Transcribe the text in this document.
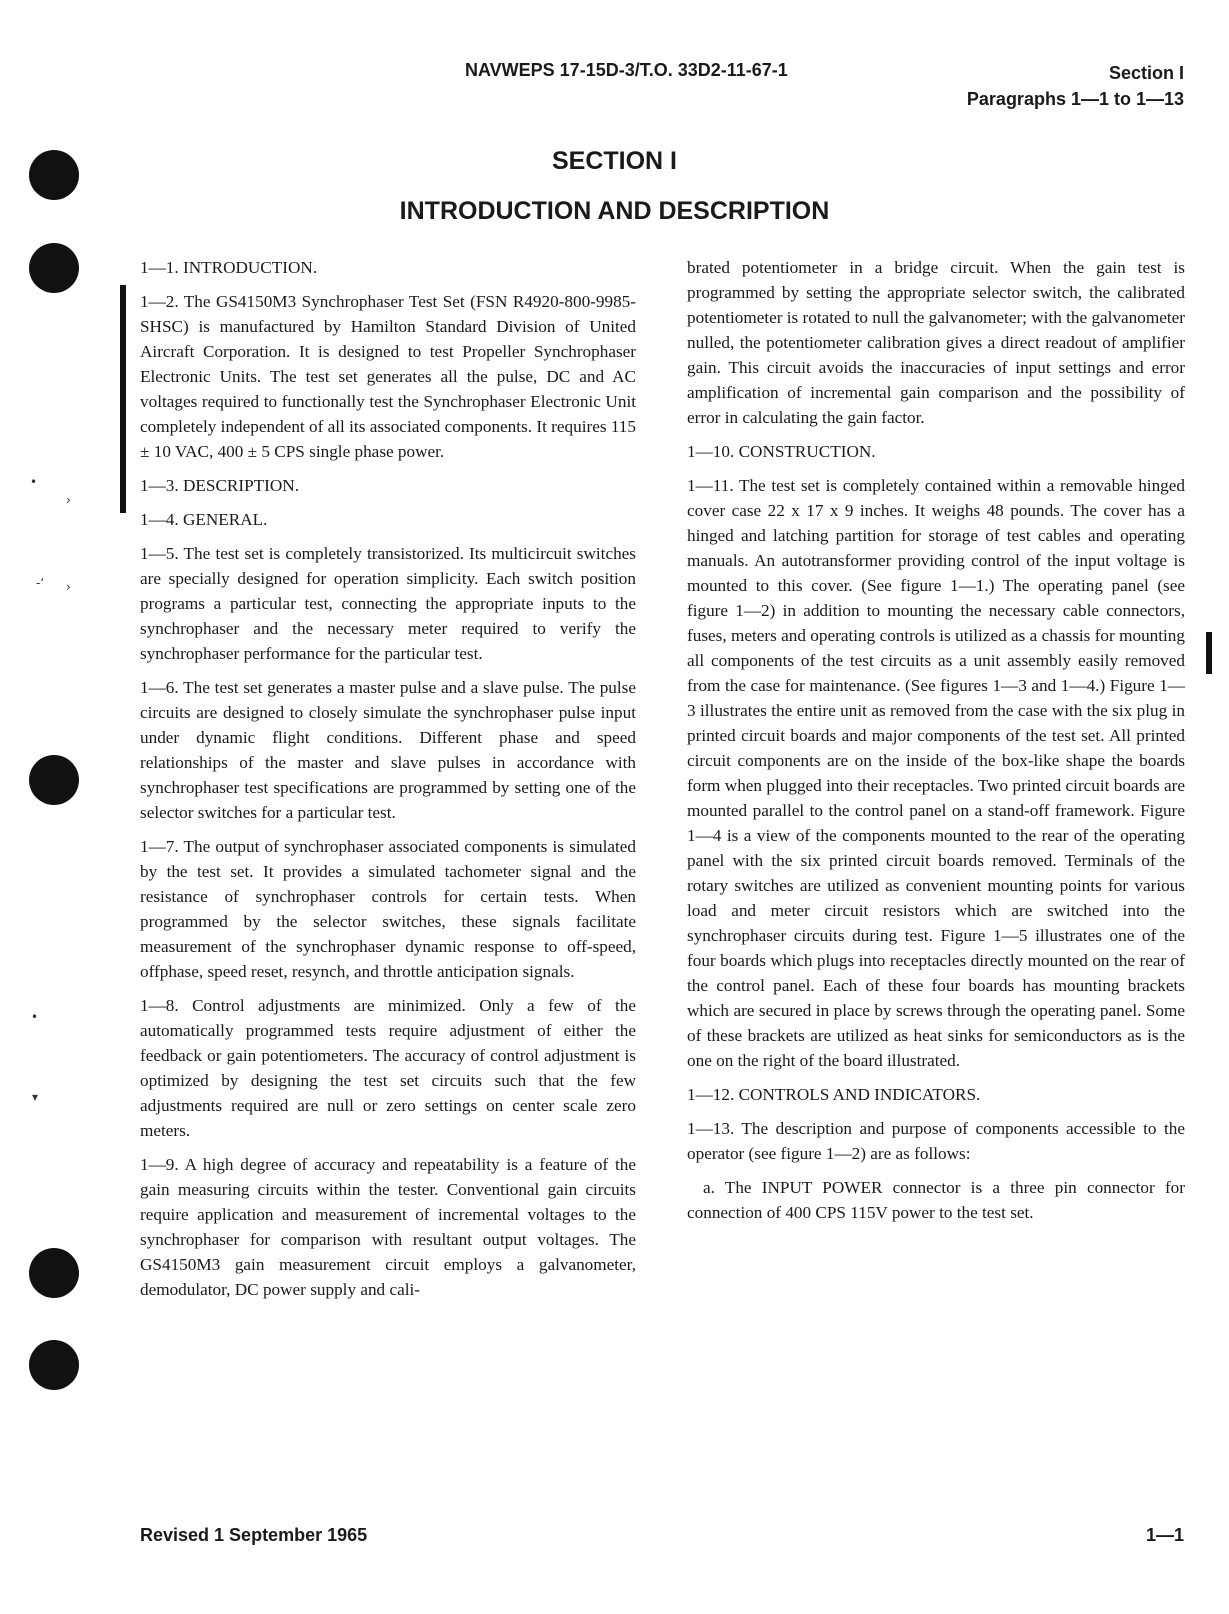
•
›
-‘ ›
•
▾
NAVWEPS 17-15D-3/T.O. 33D2-11-67-1	Section I
Paragraphs 1—1 to 1—13
SECTION I
INTRODUCTION AND DESCRIPTION

1—1. INTRODUCTION.

1—2. The GS4150M3 Synchrophaser Test Set (FSN R4920-800-9985-SHSC) is manufactured by Hamilton Standard Division of United Aircraft Corporation. It is designed to test Propeller Synchrophaser Electronic Units. The test set generates all the pulse, DC and AC voltages required to functionally test the Synchrophaser Electronic Unit completely independent of all its associated components. It requires 115 ± 10 VAC, 400 ± 5 CPS single phase power.

1—3. DESCRIPTION.

1—4. GENERAL.

1—5. The test set is completely transistorized. Its multicircuit switches are specially designed for operation simplicity. Each switch position programs a particular test, connecting the appropriate inputs to the synchrophaser and the necessary meter required to verify the synchrophaser performance for the particular test.

1—6. The test set generates a master pulse and a slave pulse. The pulse circuits are designed to closely simulate the synchrophaser pulse input under dynamic flight conditions. Different phase and speed relationships of the master and slave pulses in accordance with synchrophaser test specifications are programmed by setting one of the selector switches for a particular test.

1—7. The output of synchrophaser associated components is simulated by the test set. It provides a simulated tachometer signal and the resistance of synchrophaser controls for certain tests. When programmed by the selector switches, these signals facilitate measurement of the synchrophaser dynamic response to off-speed, offphase, speed reset, resynch, and throttle anticipation signals.

1—8. Control adjustments are minimized. Only a few of the automatically programmed tests require adjustment of either the feedback or gain potentiometers. The accuracy of control adjustment is optimized by designing the test set circuits such that the few adjustments required are null or zero settings on center scale zero meters.

1—9. A high degree of accuracy and repeatability is a feature of the gain measuring circuits within the tester. Conventional gain circuits require application and measurement of incremental voltages to the synchrophaser for comparison with resultant output voltages. The GS4150M3 gain measurement circuit employs a galvanometer, demodulator, DC power supply and cali-

brated potentiometer in a bridge circuit. When the gain test is programmed by setting the appropriate selector switch, the calibrated potentiometer is rotated to null the galvanometer; with the galvanometer nulled, the potentiometer calibration gives a direct readout of amplifier gain. This circuit avoids the inaccuracies of input settings and error amplification of incremental gain comparison and the possibility of error in calculating the gain factor.

1—10. CONSTRUCTION.

1—11. The test set is completely contained within a removable hinged cover case 22 x 17 x 9 inches. It weighs 48 pounds. The cover has a hinged and latching partition for storage of test cables and operating manuals. An autotransformer providing control of the input voltage is mounted to this cover. (See figure 1—1.) The operating panel (see figure 1—2) in addition to mounting the necessary cable connectors, fuses, meters and operating controls is utilized as a chassis for mounting all components of the test circuits as a unit assembly easily removed from the case for maintenance. (See figures 1—3 and 1—4.) Figure 1—3 illustrates the entire unit as removed from the case with the six plug in printed circuit boards and major components of the test set. All printed circuit components are on the inside of the box-like shape the boards form when plugged into their receptacles. Two printed circuit boards are mounted parallel to the control panel on a stand-off framework. Figure 1—4 is a view of the components mounted to the rear of the operating panel with the six printed circuit boards removed. Terminals of the rotary switches are utilized as convenient mounting points for various load and meter circuit resistors which are switched into the synchrophaser circuits during test. Figure 1—5 illustrates one of the four boards which plugs into receptacles directly mounted on the rear of the control panel. Each of these four boards has mounting brackets which are secured in place by screws through the operating panel. Some of these brackets are utilized as heat sinks for semiconductors as is the one on the right of the board illustrated.

1—12. CONTROLS AND INDICATORS.

1—13. The description and purpose of components accessible to the operator (see figure 1—2) are as follows:

a. The INPUT POWER connector is a three pin connector for connection of 400 CPS 115V power to the test set.

Revised 1 September 1965	1—1
